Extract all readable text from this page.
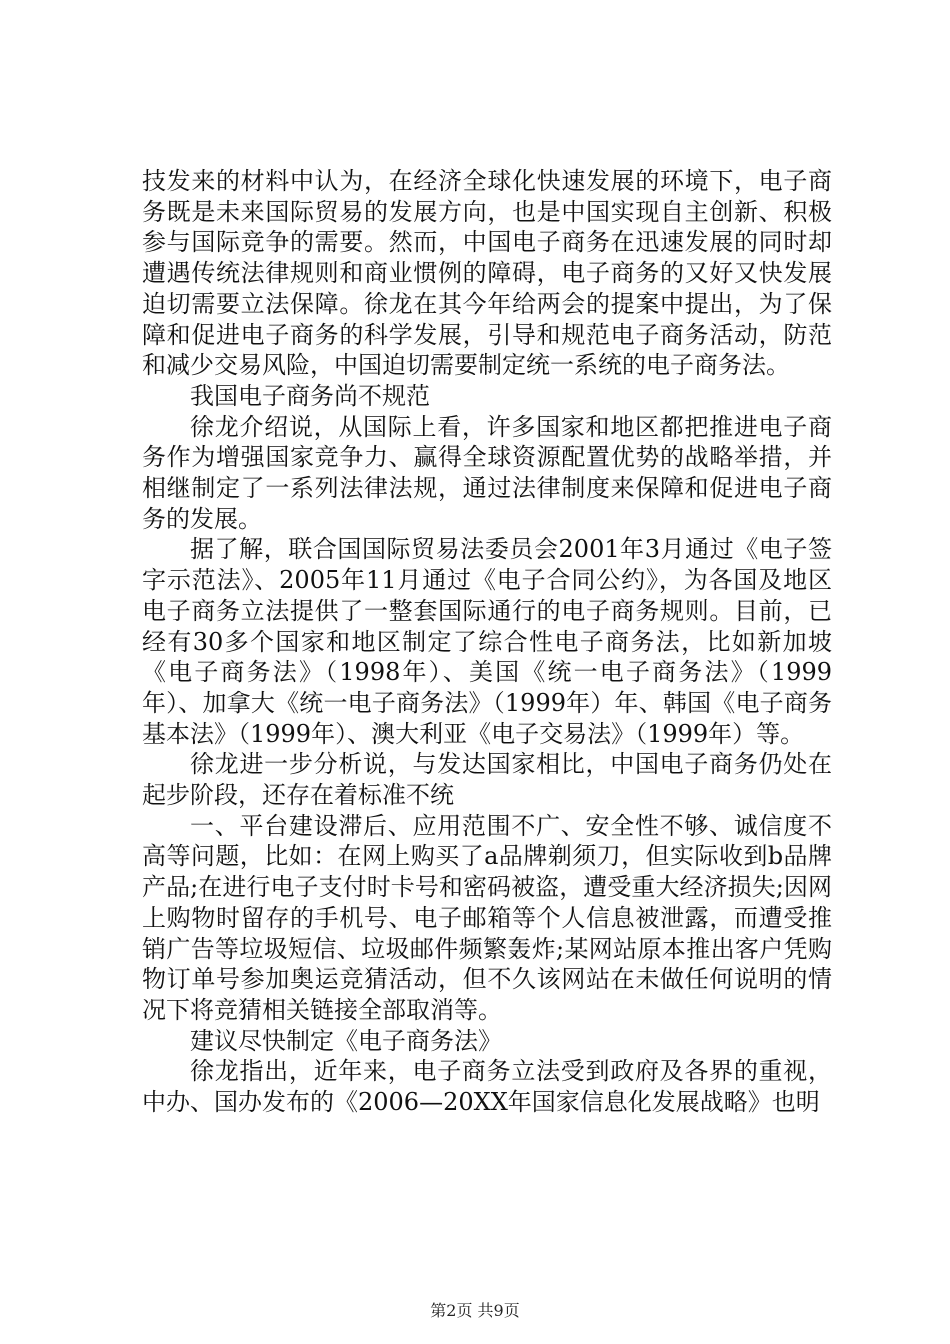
技发来的材料中认为，在经济全球化快速发展的环境下，电子商务既是未来国际贸易的发展方向，也是中国实现自主创新、积极参与国际竞争的需要。然而，中国电子商务在迅速发展的同时却遭遇传统法律规则和商业惯例的障碍，电子商务的又好又快发展迫切需要立法保障。徐龙在其今年给两会的提案中提出，为了保障和促进电子商务的科学发展，引导和规范电子商务活动，防范和减少交易风险，中国迫切需要制定统一系统的电子商务法。

我国电子商务尚不规范

徐龙介绍说，从国际上看，许多国家和地区都把推进电子商务作为增强国家竞争力、赢得全球资源配置优势的战略举措，并相继制定了一系列法律法规，通过法律制度来保障和促进电子商务的发展。

据了解，联合国国际贸易法委员会2001年3月通过《电子签字示范法》、2005年11月通过《电子合同公约》，为各国及地区电子商务立法提供了一整套国际通行的电子商务规则。目前，已经有30多个国家和地区制定了综合性电子商务法，比如新加坡《电子商务法》（1998年）、美国《统一电子商务法》（1999年）、加拿大《统一电子商务法》（1999年）年、韩国《电子商务基本法》（1999年）、澳大利亚《电子交易法》（1999年）等。

徐龙进一步分析说，与发达国家相比，中国电子商务仍处在起步阶段，还存在着标准不统

一、平台建设滞后、应用范围不广、安全性不够、诚信度不高等问题，比如：在网上购买了a品牌剃须刀，但实际收到b品牌产品;在进行电子支付时卡号和密码被盗，遭受重大经济损失;因网上购物时留存的手机号、电子邮箱等个人信息被泄露，而遭受推销广告等垃圾短信、垃圾邮件频繁轰炸;某网站原本推出客户凭购物订单号参加奥运竞猜活动，但不久该网站在未做任何说明的情况下将竞猜相关链接全部取消等。

建议尽快制定《电子商务法》

徐龙指出，近年来，电子商务立法受到政府及各界的重视，中办、国办发布的《2006—20XX年国家信息化发展战略》也明

第2页 共9页
